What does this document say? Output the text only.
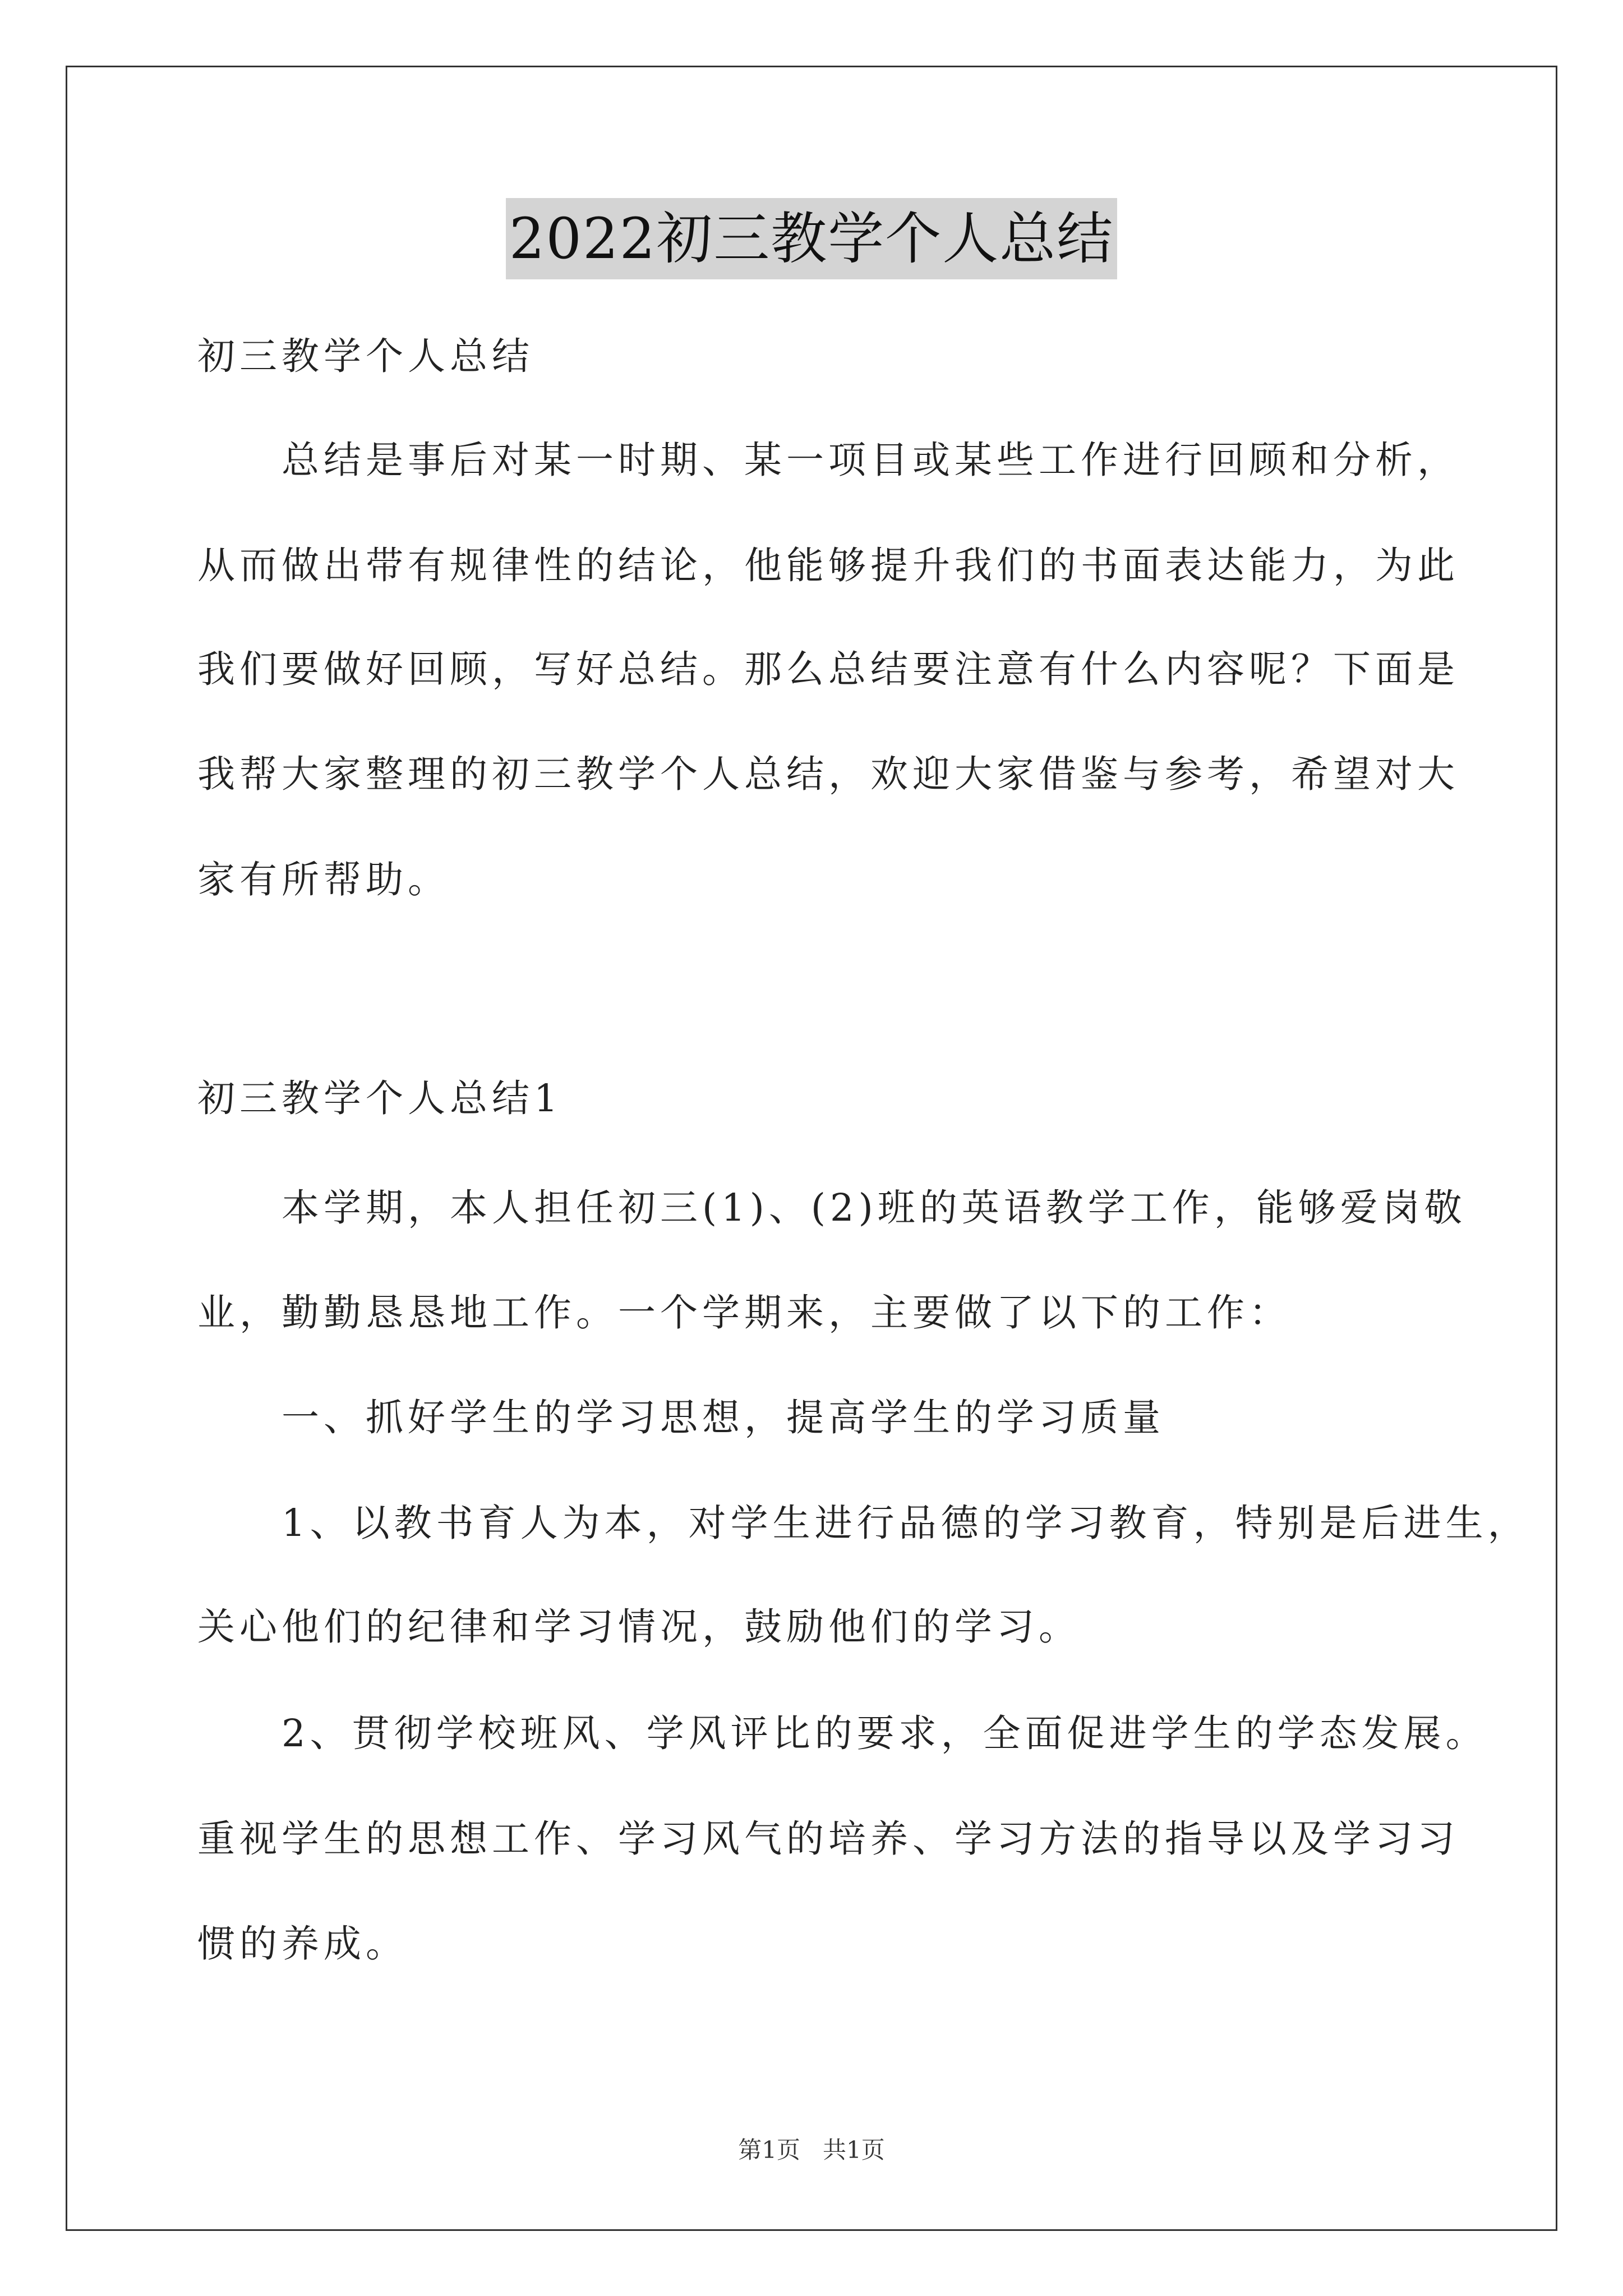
2022初三教学个人总结
初三教学个人总结
总结是事后对某一时期、某一项目或某些工作进行回顾和分析，
从而做出带有规律性的结论，他能够提升我们的书面表达能力，为此
我们要做好回顾，写好总结。那么总结要注意有什么内容呢？下面是
我帮大家整理的初三教学个人总结，欢迎大家借鉴与参考，希望对大
家有所帮助。
初三教学个人总结1
本学期，本人担任初三(1)、(2)班的英语教学工作，能够爱岗敬
业，勤勤恳恳地工作。一个学期来，主要做了以下的工作：
一、抓好学生的学习思想，提高学生的学习质量
1、以教书育人为本，对学生进行品德的学习教育，特别是后进生，
关心他们的纪律和学习情况，鼓励他们的学习。
2、贯彻学校班风、学风评比的要求，全面促进学生的学态发展。
重视学生的思想工作、学习风气的培养、学习方法的指导以及学习习
惯的养成。
第1页   共1页
